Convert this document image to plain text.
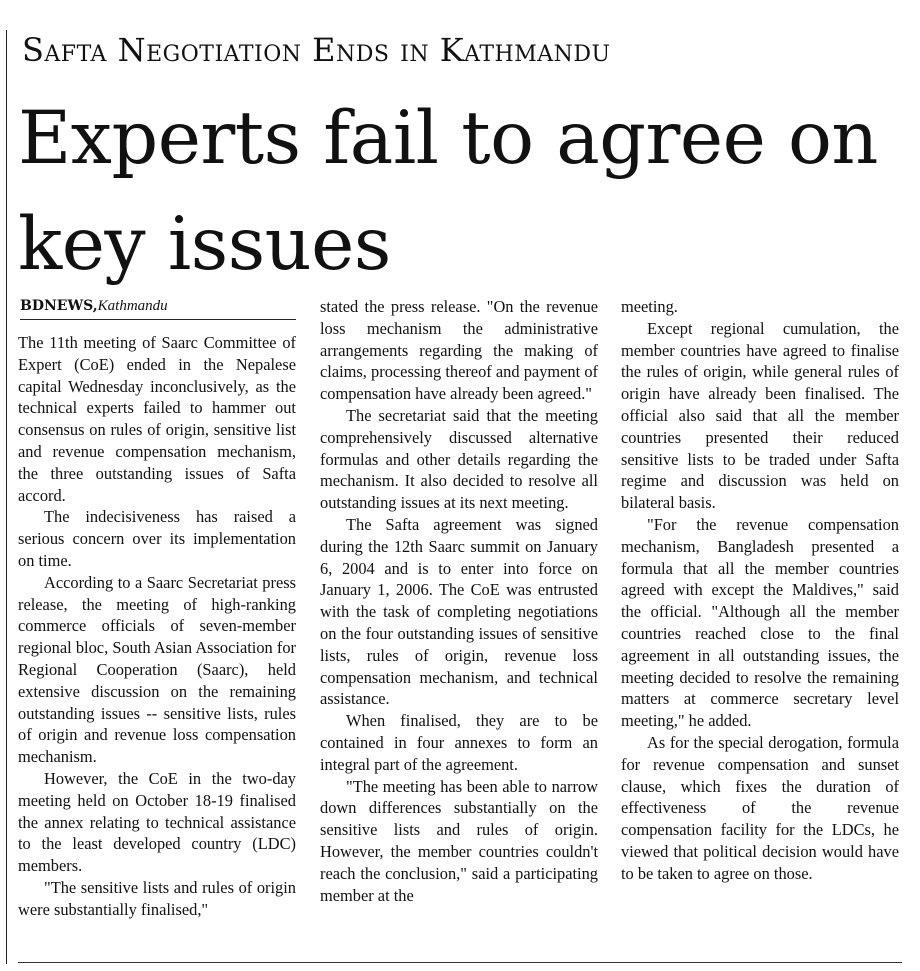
Safta Negotiation Ends in Kathmandu
Experts fail to agree on key issues
BDNEWS,Kathmandu

The 11th meeting of Saarc Committee of Expert (CoE) ended in the Nepalese capital Wednesday inconclusively, as the technical experts failed to hammer out consensus on rules of origin, sensitive list and revenue compensation mechanism, the three outstanding issues of Safta accord.

The indecisiveness has raised a serious concern over its implementation on time.

According to a Saarc Secretariat press release, the meeting of high-ranking commerce officials of seven-member regional bloc, South Asian Association for Regional Cooperation (Saarc), held extensive discussion on the remaining outstanding issues -- sensitive lists, rules of origin and revenue loss compensation mechanism.

However, the CoE in the two-day meeting held on October 18-19 finalised the annex relating to technical assistance to the least developed country (LDC) members.

"The sensitive lists and rules of origin were substantially finalised,"

stated the press release. "On the revenue loss mechanism the administrative arrangements regarding the making of claims, processing thereof and payment of compensation have already been agreed."

The secretariat said that the meeting comprehensively discussed alternative formulas and other details regarding the mechanism. It also decided to resolve all outstanding issues at its next meeting.

The Safta agreement was signed during the 12th Saarc summit on January 6, 2004 and is to enter into force on January 1, 2006. The CoE was entrusted with the task of completing negotiations on the four outstanding issues of sensitive lists, rules of origin, revenue loss compensation mechanism, and technical assistance.

When finalised, they are to be contained in four annexes to form an integral part of the agreement.

"The meeting has been able to narrow down differences substantially on the sensitive lists and rules of origin. However, the member countries couldn't reach the conclusion," said a participating member at the

meeting.

Except regional cumulation, the member countries have agreed to finalise the rules of origin, while general rules of origin have already been finalised. The official also said that all the member countries presented their reduced sensitive lists to be traded under Safta regime and discussion was held on bilateral basis.

"For the revenue compensation mechanism, Bangladesh presented a formula that all the member countries agreed with except the Maldives," said the official. "Although all the member countries reached close to the final agreement in all outstanding issues, the meeting decided to resolve the remaining matters at commerce secretary level meeting," he added.

As for the special derogation, formula for revenue compensation and sunset clause, which fixes the duration of effectiveness of the revenue compensation facility for the LDCs, he viewed that political decision would have to be taken to agree on those.
